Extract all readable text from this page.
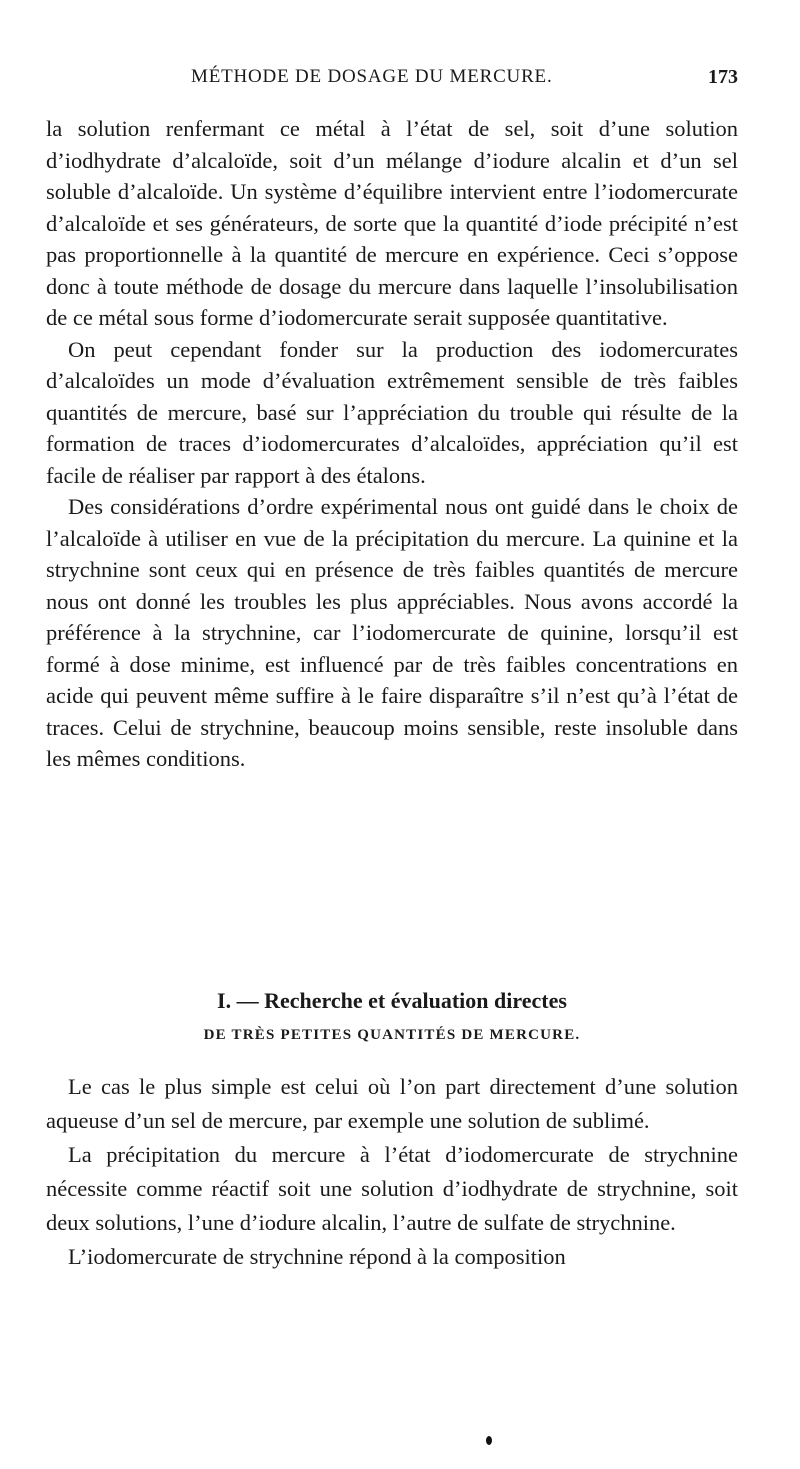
MÉTHODE DE DOSAGE DU MERCURE.	173

la solution renfermant ce métal à l’état de sel, soit d’une solution d’iodhydrate d’alcaloïde, soit d’un mélange d’iodure alcalin et d’un sel soluble d’alcaloïde. Un système d’équilibre intervient entre l’iodomercurate d’alcaloïde et ses générateurs, de sorte que la quantité d’iode précipité n’est pas proportionnelle à la quantité de mercure en expérience. Ceci s’oppose donc à toute méthode de dosage du mercure dans laquelle l’insolubilisation de ce métal sous forme d’iodomercurate serait supposée quantitative.

On peut cependant fonder sur la production des iodomercurates d’alcaloïdes un mode d’évaluation extrêmement sensible de très faibles quantités de mercure, basé sur l’appréciation du trouble qui résulte de la formation de traces d’iodomercurates d’alcaloïdes, appréciation qu’il est facile de réaliser par rapport à des étalons.

Des considérations d’ordre expérimental nous ont guidé dans le choix de l’alcaloïde à utiliser en vue de la précipitation du mercure. La quinine et la strychnine sont ceux qui en présence de très faibles quantités de mercure nous ont donné les troubles les plus appréciables. Nous avons accordé la préférence à la strychnine, car l’iodomercurate de quinine, lorsqu’il est formé à dose minime, est influencé par de très faibles concentrations en acide qui peuvent même suffire à le faire disparaître s’il n’est qu’à l’état de traces. Celui de strychnine, beaucoup moins sensible, reste insoluble dans les mêmes conditions.

I. — Recherche et évaluation directes
DE TRÈS PETITES QUANTITÉS DE MERCURE.

Le cas le plus simple est celui où l’on part directement d’une solution aqueuse d’un sel de mercure, par exemple une solution de sublimé.

La précipitation du mercure à l’état d’iodomercurate de strychnine nécessite comme réactif soit une solution d’iodhydrate de strychnine, soit deux solutions, l’une d’iodure alcalin, l’autre de sulfate de strychnine.

L’iodomercurate de strychnine répond à la composition
